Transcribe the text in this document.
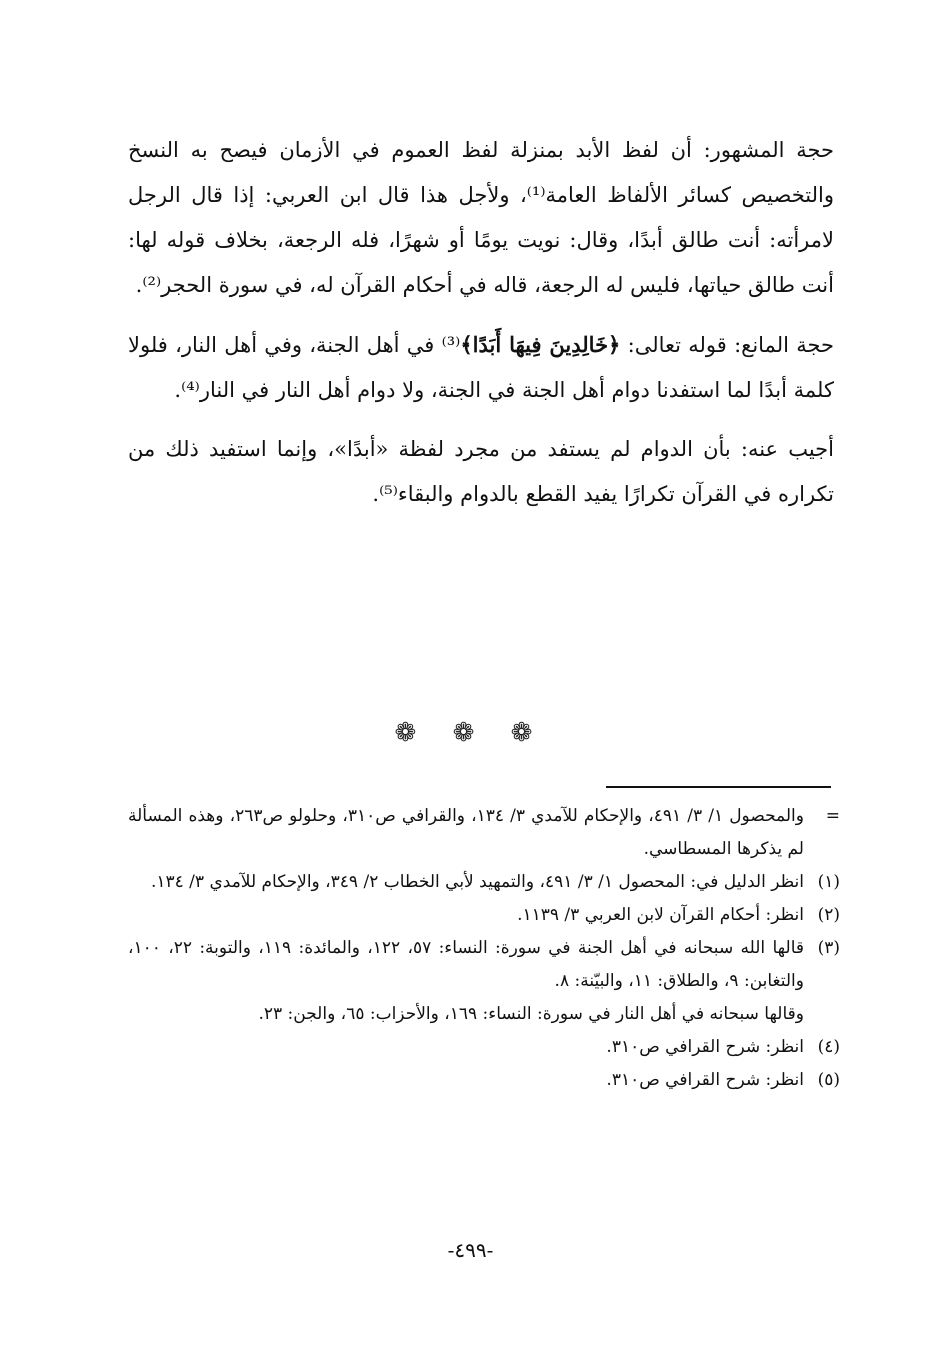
حجة المشهور: أن لفظ الأبد بمنزلة لفظ العموم في الأزمان فيصح به النسخ والتخصيص كسائر الألفاظ العامة⁽¹⁾، ولأجل هذا قال ابن العربي: إذا قال الرجل لامرأته: أنت طالق أبدًا، وقال: نويت يومًا أو شهرًا، فله الرجعة، بخلاف قوله لها: أنت طالق حياتها، فليس له الرجعة، قاله في أحكام القرآن له، في سورة الحجر⁽²⁾.

حجة المانع: قوله تعالى: ﴿خَالِدِينَ فِيهَا أَبَدًا﴾⁽³⁾ في أهل الجنة، وفي أهل النار، فلولا كلمة أبدًا لما استفدنا دوام أهل الجنة في الجنة، ولا دوام أهل النار في النار⁽⁴⁾.

أجيب عنه: بأن الدوام لم يستفد من مجرد لفظة «أبدًا»، وإنما استفيد ذلك من تكراره في القرآن تكرارًا يفيد القطع بالدوام والبقاء⁽⁵⁾.

❁ ❁ ❁
=
والمحصول ١/ ٣/ ٤٩١، والإحكام للآمدي ٣/ ١٣٤، والقرافي ص٣١٠، وحلولو ص٢٦٣، وهذه المسألة لم يذكرها المسطاسي.
(١)
انظر الدليل في: المحصول ١/ ٣/ ٤٩١، والتمهيد لأبي الخطاب ٢/ ٣٤٩، والإحكام للآمدي ٣/ ١٣٤.
(٢)
انظر: أحكام القرآن لابن العربي ٣/ ١١٣٩.
(٣)
قالها الله سبحانه في أهل الجنة في سورة: النساء: ٥٧، ١٢٢، والمائدة: ١١٩، والتوبة: ٢٢، ١٠٠، والتغابن: ٩، والطلاق: ١١، والبيّنة: ٨.
وقالها سبحانه في أهل النار في سورة: النساء: ١٦٩، والأحزاب: ٦٥، والجن: ٢٣.
(٤)
انظر: شرح القرافي ص٣١٠.
(٥)
انظر: شرح القرافي ص٣١٠.
-٤٩٩-
